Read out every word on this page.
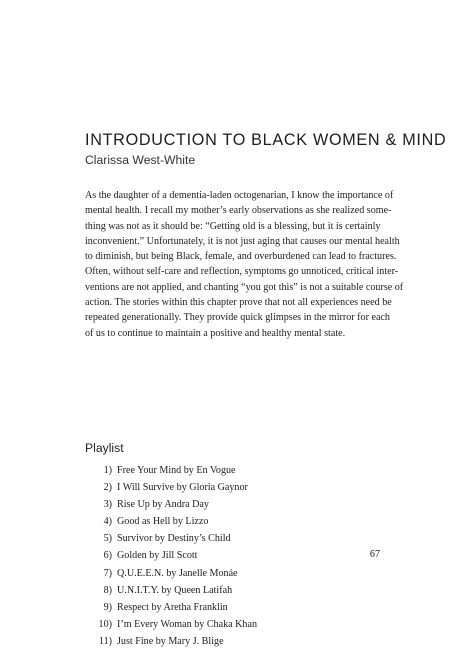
INTRODUCTION TO BLACK WOMEN & MIND
Clarissa West-White

As the daughter of a dementia-laden octogenarian, I know the importance of
mental health. I recall my mother’s early observations as she realized some-
thing was not as it should be: “Getting old is a blessing, but it is certainly
inconvenient.” Unfortunately, it is not just aging that causes our mental health
to diminish, but being Black, female, and overburdened can lead to fractures.
Often, without self-care and reflection, symptoms go unnoticed, critical inter-
ventions are not applied, and chanting “you got this” is not a suitable course of
action. The stories within this chapter prove that not all experiences need be
repeated generationally. They provide quick glimpses in the mirror for each
of us to continue to maintain a positive and healthy mental state.

Playlist
1) Free Your Mind by En Vogue
2) I Will Survive by Gloria Gaynor
3) Rise Up by Andra Day
4) Good as Hell by Lizzo
5) Survivor by Destiny’s Child
6) Golden by Jill Scott
7) Q.U.E.E.N. by Janelle Monáe
8) U.N.I.T.Y. by Queen Latifah
9) Respect by Aretha Franklin
10) I’m Every Woman by Chaka Khan
11) Just Fine by Mary J. Blige
67
